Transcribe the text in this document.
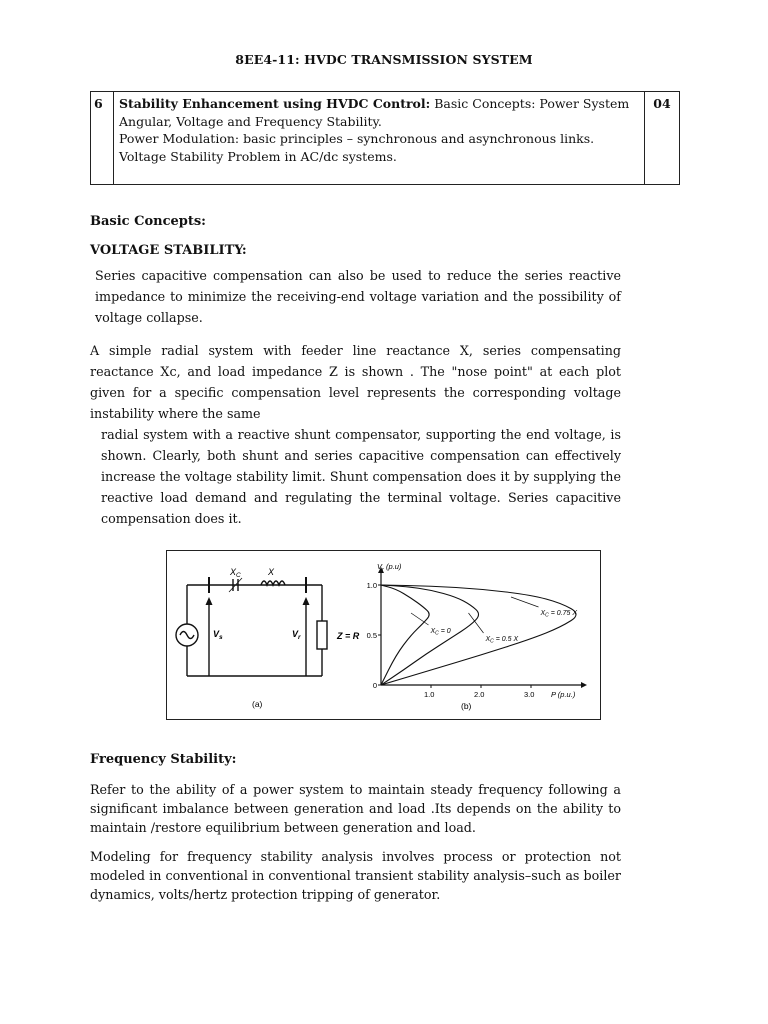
8EE4-11: HVDC TRANSMISSION SYSTEM
6	Stability Enhancement using HVDC Control: Basic Concepts: Power System Angular, Voltage and Frequency Stability.
Power Modulation: basic principles – synchronous and asynchronous links. Voltage Stability Problem in AC/dc systems.	04
Basic Concepts:
VOLTAGE STABILITY:

Series capacitive compensation can also be used to reduce the series reactive impedance to minimize the receiving-end voltage variation and the possibility of voltage collapse.

A simple radial system with feeder line reactance X, series compensating reactance Xc, and load impedance Z is shown . The "nose point" at each plot given for a specific compensation level represents the corresponding voltage instability where the same

radial system with a reactive shunt compensator, supporting the end voltage, is shown. Clearly, both shunt and series capacitive compensation can effectively increase the voltage stability limit. Shunt compensation does it by supplying the reactive load demand and regulating the terminal voltage. Series capacitive compensation does it.

$X_C$	X
$V_s$	$V_r$	Z = R
(a)
1.0	2.0	3.0
0
0.5
1.0
$V_r$ (p.u)
P (p.u.)
$X_C = 0$
$X_C = 0.5$ X
$X_C = 0.75$ X
(b)
Frequency Stability:

Refer to the ability of a power system to maintain steady frequency following a significant imbalance between generation and load .Its depends on the ability to maintain /restore equilibrium between generation and load.

Modeling for frequency stability analysis involves process or protection not modeled in conventional in conventional transient stability analysis–such as boiler dynamics, volts/hertz protection tripping of generator.
